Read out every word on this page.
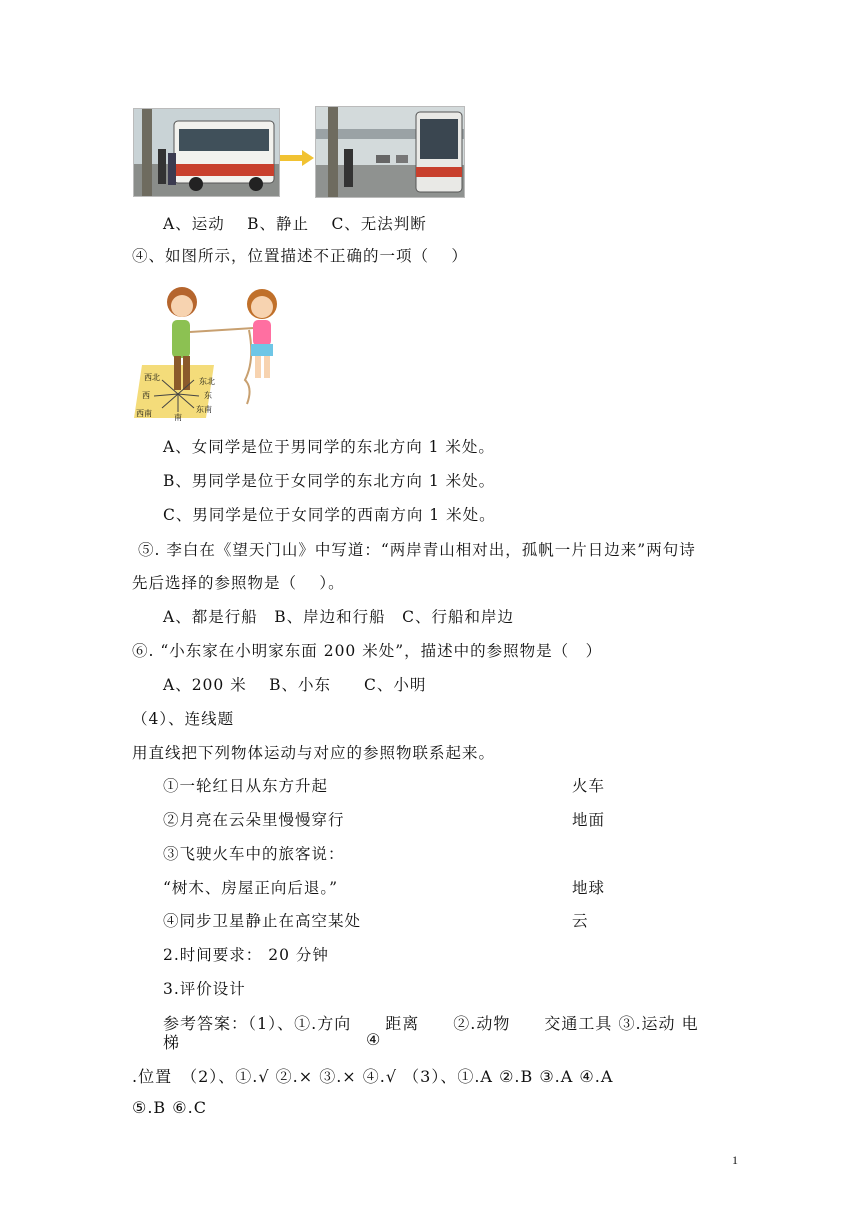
A、运动　 B、静止　 C、无法判断
④、如图所示，位置描述不正确的一项（　 ）
西北	东北
西	东
西南	南
东南
A、女同学是位于男同学的东北方向 1 米处。
B、男同学是位于女同学的东北方向 1 米处。
C、男同学是位于女同学的西南方向 1 米处。
⑤. 李白在《望天门山》中写道：“两岸青山相对出，孤帆一片日边来”两句诗
先后选择的参照物是（　 ）。
A、都是行船　B、岸边和行船　C、行船和岸边
⑥. “小东家在小明家东面 200 米处”，描述中的参照物是（　）
A、200 米　 B、小东　　C、小明
（4）、连线题
用直线把下列物体运动与对应的参照物联系起来。
①一轮红日从东方升起	火车
②月亮在云朵里慢慢穿行	地面
③飞驶火车中的旅客说：
“树木、房屋正向后退。”	地球
④同步卫星静止在高空某处	云
2.时间要求： 20 分钟
3.评价设计
参考答案：（1）、①.方向　　距离　　②.动物　　交通工具 ③.运动 电
梯	④
.位置　（2）、①.√ ②.× ③.× ④.√ （3）、①.A ②.B ③.A ④.A
⑤.B ⑥.C
1
